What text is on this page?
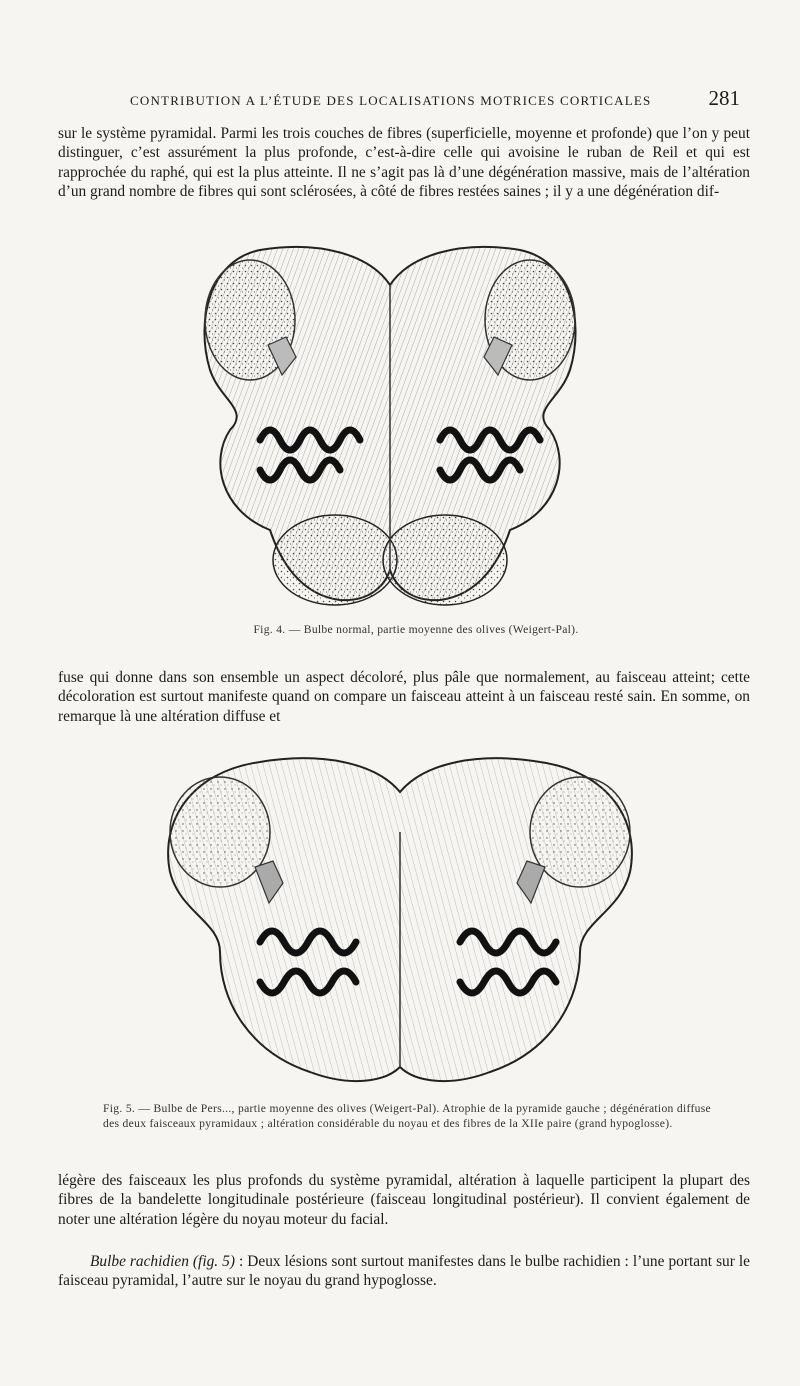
CONTRIBUTION A L’ÉTUDE DES LOCALISATIONS MOTRICES CORTICALES	281

sur le système pyramidal. Parmi les trois couches de fibres (superficielle, moyenne et profonde) que l’on y peut distinguer, c’est assurément la plus profonde, c’est-à-dire celle qui avoisine le ruban de Reil et qui est rapprochée du raphé, qui est la plus atteinte. Il ne s’agit pas là d’une dégénération massive, mais de l’altération d’un grand nombre de fibres qui sont sclérosées, à côté de fibres restées saines ; il y a une dégénération dif-

Fig. 4. — Bulbe normal, partie moyenne des olives (Weigert-Pal).

fuse qui donne dans son ensemble un aspect décoloré, plus pâle que normalement, au faisceau atteint; cette décoloration est surtout manifeste quand on compare un faisceau atteint à un faisceau resté sain. En somme, on remarque là une altération diffuse et

Fig. 5. — Bulbe de Pers..., partie moyenne des olives (Weigert-Pal). Atrophie de la pyramide gauche ; dégénération diffuse des deux faisceaux pyramidaux ; altération considérable du noyau et des fibres de la XIIe paire (grand hypoglosse).

légère des faisceaux les plus profonds du système pyramidal, altération à laquelle participent la plupart des fibres de la bandelette longitudinale postérieure (faisceau longitudinal postérieur). Il convient également de noter une altération légère du noyau moteur du facial.

Bulbe rachidien (fig. 5) : Deux lésions sont surtout manifestes dans le bulbe rachidien : l’une portant sur le faisceau pyramidal, l’autre sur le noyau du grand hypoglosse.
